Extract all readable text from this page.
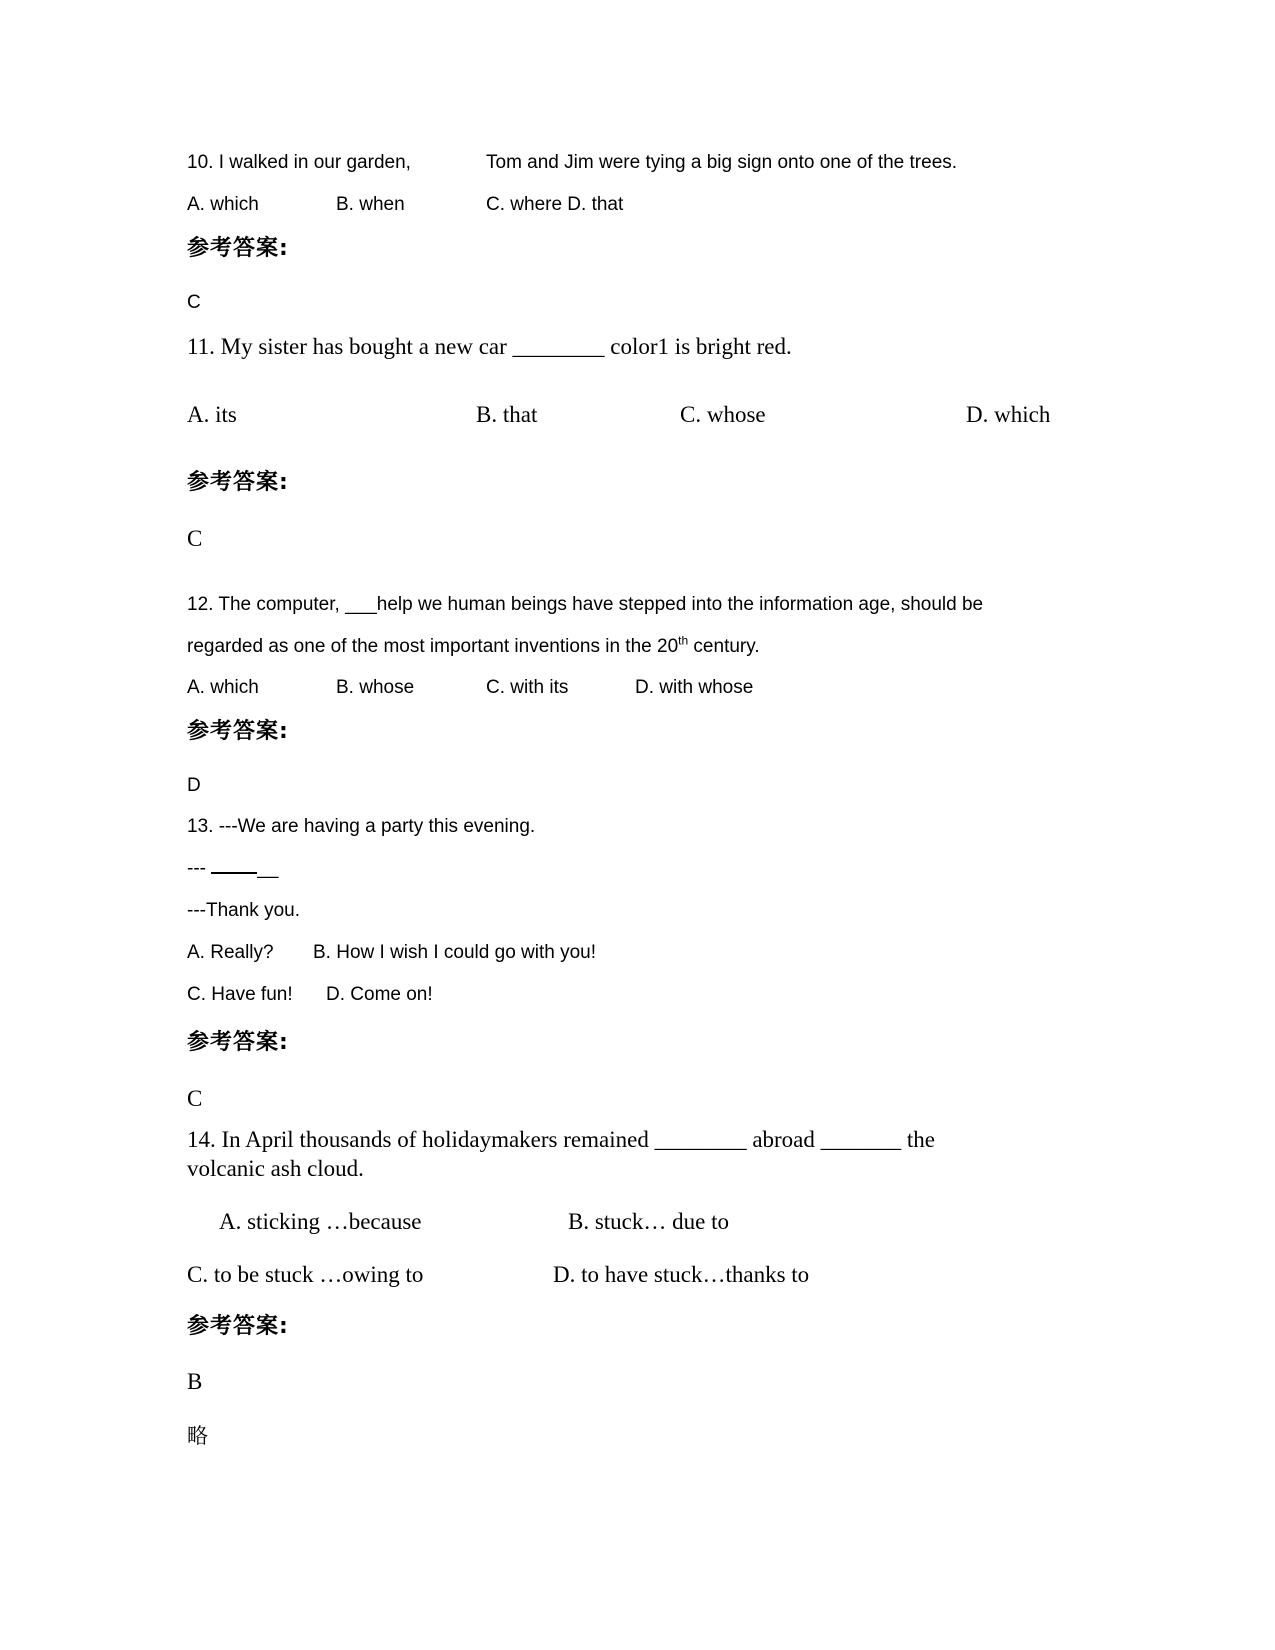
10. I walked in our garden,	Tom and Jim were tying a big sign onto one of the trees.
A. which	B. when	C. where D. that
参考答案:
C
11. My sister has bought a new car ________ color1 is bright red.
A. its	B. that	C. whose	D. which
参考答案:
C
12. The computer, ___help we human beings have stepped into the information age, should be
regarded as one of the most important inventions in the 20th century.
A. which	B. whose	C. with its	D. with whose
参考答案:
D
13. ---We are having a party this evening.
--- __
---Thank you.
A. Really? B. How I wish I could go with you!
C. Have fun! D. Come on!
参考答案:
C
14. In April thousands of holidaymakers remained ________ abroad _______ the
volcanic ash cloud.
A. sticking …because	B. stuck… due to
C. to be stuck …owing to	D. to have stuck…thanks to
参考答案:
B
略
